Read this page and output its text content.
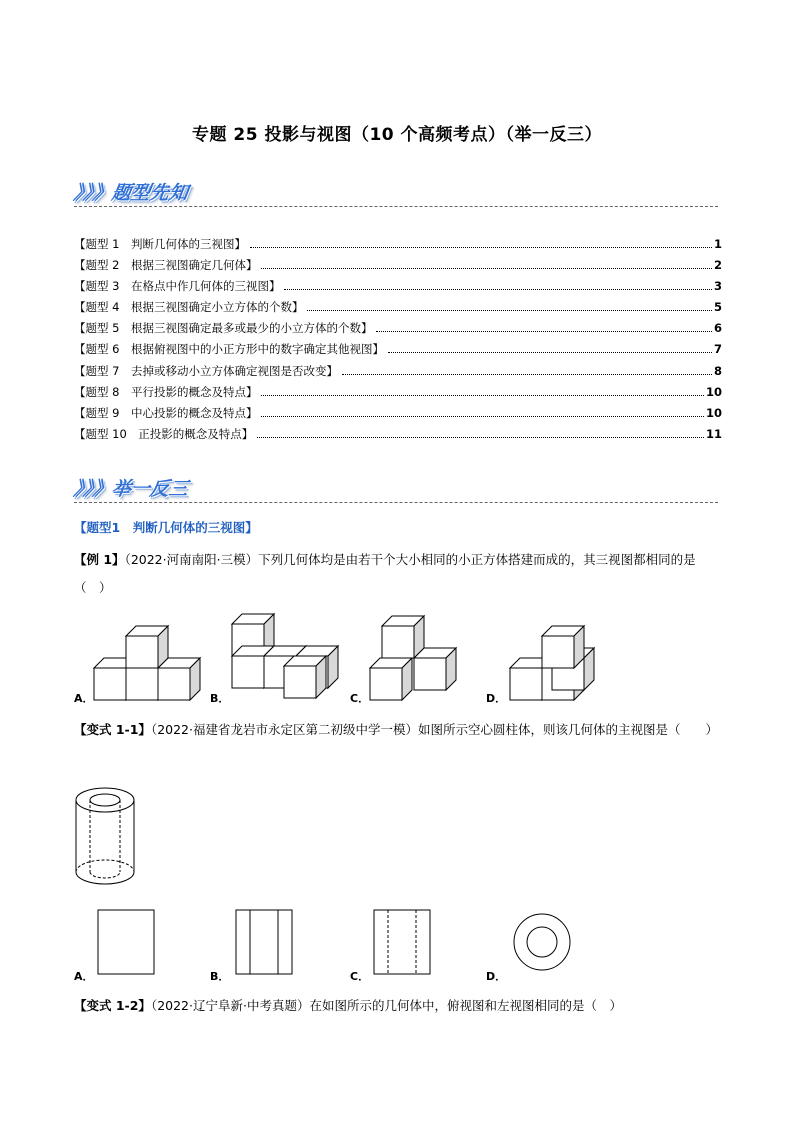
专题 25 投影与视图（10 个高频考点）（举一反三）
》》》题型先知
【题型 1　判断几何体的三视图】	1
【题型 2　根据三视图确定几何体】	2
【题型 3　在格点中作几何体的三视图】	3
【题型 4　根据三视图确定小立方体的个数】	5
【题型 5　根据三视图确定最多或最少的小立方体的个数】	6
【题型 6　根据俯视图中的小正方形中的数字确定其他视图】	7
【题型 7　去掉或移动小立方体确定视图是否改变】	8
【题型 8　平行投影的概念及特点】	10
【题型 9　中心投影的概念及特点】	10
【题型 10　正投影的概念及特点】	11
》》》举一反三
【题型1　判断几何体的三视图】
【例 1】（2022·河南南阳·三模）下列几何体均是由若干个大小相同的小正方体搭建而成的，其三视图都相同的是（　）
A．	B．	C．	D．
【变式 1-1】（2022·福建省龙岩市永定区第二初级中学一模）如图所示空心圆柱体，则该几何体的主视图是（　　）
A．	B．	C．	D．
【变式 1-2】（2022·辽宁阜新·中考真题）在如图所示的几何体中，俯视图和左视图相同的是（　）
